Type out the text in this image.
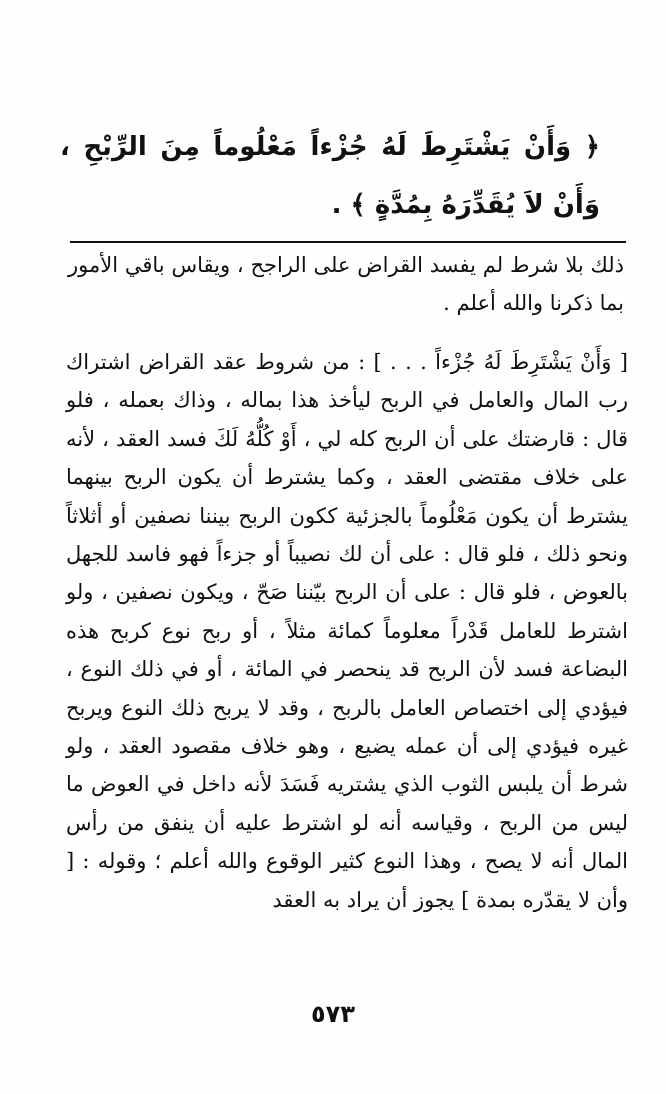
﴿ وَأَنْ يَشْتَرِطَ لَهُ جُزْءاً مَعْلُوماً مِنَ الرِّبْحِ ، وَأَنْ لاَ يُقَدِّرَهُ بِمُدَّةٍ ﴾ .

ذلك بلا شرط لم يفسد القراض على الراجح ، ويقاس باقي الأمور بما ذكرنا والله أعلم .

[ وَأَنْ يَشْتَرِطَ لَهُ جُزْءاً . . . ] : من شروط عقد القراض اشتراك رب المال والعامل في الربح ليأخذ هذا بماله ، وذاك بعمله ، فلو قال : قارضتك على أن الربح كله لي ، أَوْ كُلُّهُ لَكَ فسد العقد ، لأنه على خلاف مقتضى العقد ، وكما يشترط أن يكون الربح بينهما يشترط أن يكون مَعْلُوماً بالجزئية ككون الربح بيننا نصفين أو أثلاثاً ونحو ذلك ، فلو قال : على أن لك نصيباً أو جزءاً فهو فاسد للجهل بالعوض ، فلو قال : على أن الربح بيّننا صَحّ ، ويكون نصفين ، ولو اشترط للعامل قَدْراً معلوماً كمائة مثلاً ، أو ربح نوع كربح هذه البضاعة فسد لأن الربح قد ينحصر في المائة ، أو في ذلك النوع ، فيؤدي إلى اختصاص العامل بالربح ، وقد لا يربح ذلك النوع ويربح غيره فيؤدي إلى أن عمله يضيع ، وهو خلاف مقصود العقد ، ولو شرط أن يلبس الثوب الذي يشتريه فَسَدَ لأنه داخل في العوض ما ليس من الربح ، وقياسه أنه لو اشترط عليه أن ينفق من رأس المال أنه لا يصح ، وهذا النوع كثير الوقوع والله أعلم ؛ وقوله : [ وأن لا يقدّره بمدة ] يجوز أن يراد به العقد

٥٧٣
